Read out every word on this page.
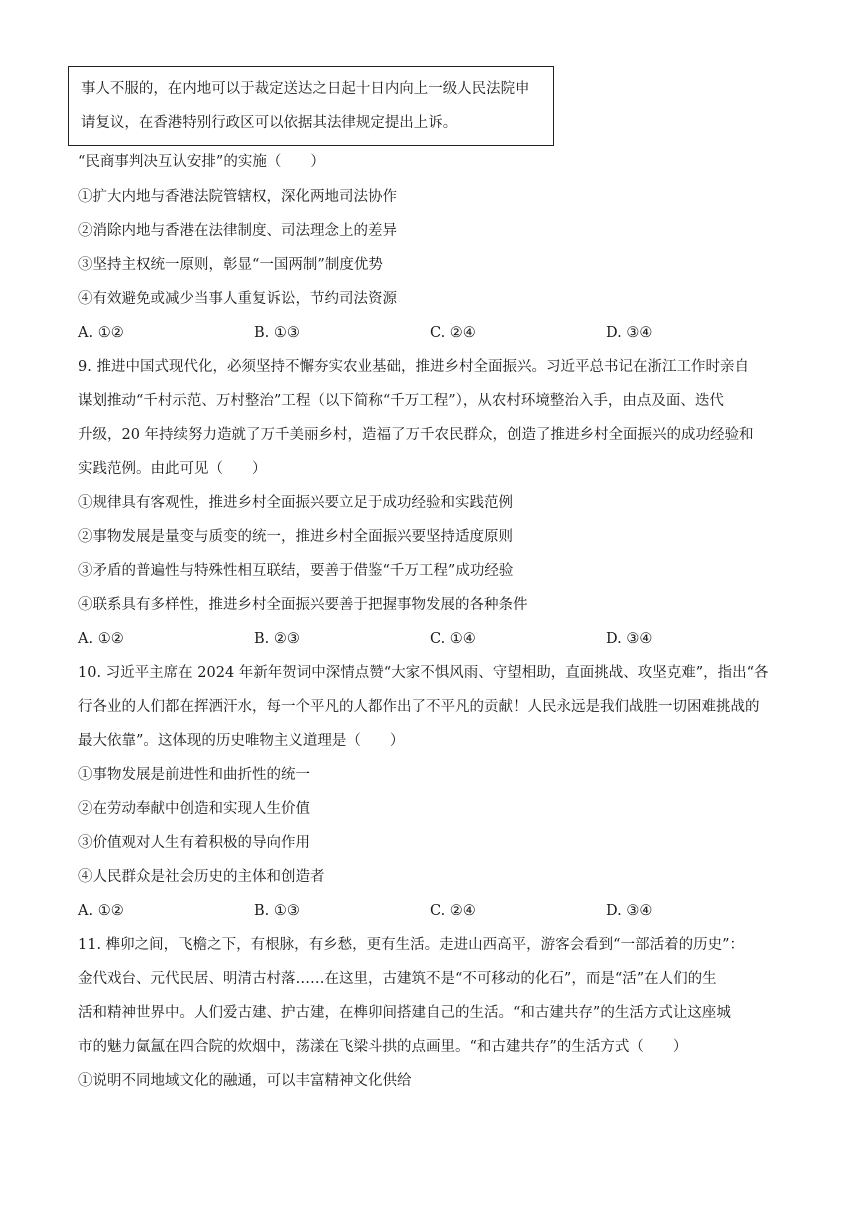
事人不服的，在内地可以于裁定送达之日起十日内向上一级人民法院申
请复议，在香港特别行政区可以依据其法律规定提出上诉。
“民商事判决互认安排”的实施（　　）
①扩大内地与香港法院管辖权，深化两地司法协作
②消除内地与香港在法律制度、司法理念上的差异
③坚持主权统一原则，彰显“一国两制”制度优势
④有效避免或减少当事人重复诉讼，节约司法资源
A. ①②	B. ①③	C. ②④	D. ③④
9. 推进中国式现代化，必须坚持不懈夯实农业基础，推进乡村全面振兴。习近平总书记在浙江工作时亲自
谋划推动“千村示范、万村整治”工程（以下简称“千万工程”），从农村环境整治入手，由点及面、迭代
升级，20 年持续努力造就了万千美丽乡村，造福了万千农民群众，创造了推进乡村全面振兴的成功经验和
实践范例。由此可见（　　）
①规律具有客观性，推进乡村全面振兴要立足于成功经验和实践范例
②事物发展是量变与质变的统一，推进乡村全面振兴要坚持适度原则
③矛盾的普遍性与特殊性相互联结，要善于借鉴“千万工程”成功经验
④联系具有多样性，推进乡村全面振兴要善于把握事物发展的各种条件
A. ①②	B. ②③	C. ①④	D. ③④
10. 习近平主席在 2024 年新年贺词中深情点赞“大家不惧风雨、守望相助，直面挑战、攻坚克难”，指出“各
行各业的人们都在挥洒汗水，每一个平凡的人都作出了不平凡的贡献！人民永远是我们战胜一切困难挑战的
最大依靠”。这体现的历史唯物主义道理是（　　）
①事物发展是前进性和曲折性的统一
②在劳动奉献中创造和实现人生价值
③价值观对人生有着积极的导向作用
④人民群众是社会历史的主体和创造者
A. ①②	B. ①③	C. ②④	D. ③④
11. 榫卯之间，飞檐之下，有根脉，有乡愁，更有生活。走进山西高平，游客会看到“一部活着的历史”：
金代戏台、元代民居、明清古村落……在这里，古建筑不是“不可移动的化石”，而是“活”在人们的生
活和精神世界中。人们爱古建、护古建，在榫卯间搭建自己的生活。“和古建共存”的生活方式让这座城
市的魅力氤氲在四合院的炊烟中，荡漾在飞梁斗拱的点画里。“和古建共存”的生活方式（　　）
①说明不同地域文化的融通，可以丰富精神文化供给
